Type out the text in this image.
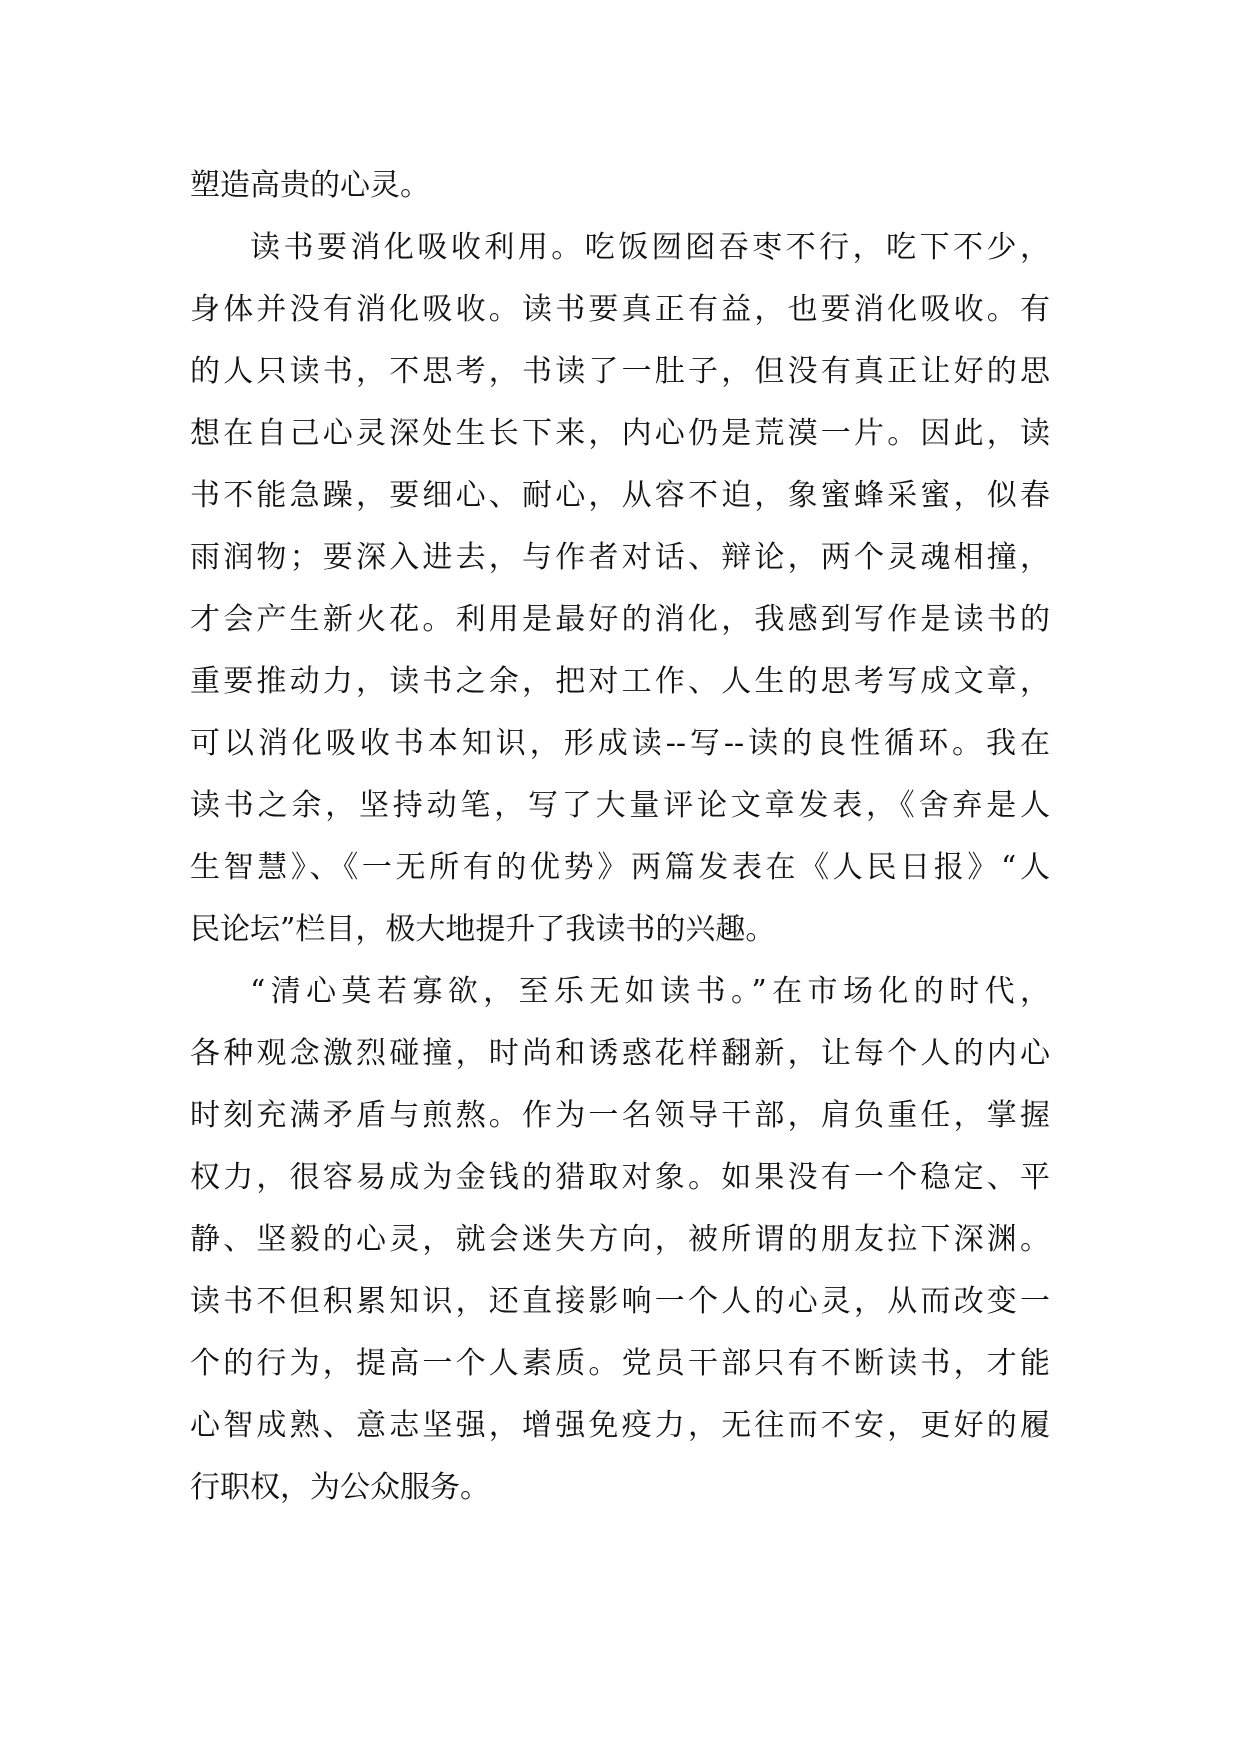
塑造高贵的心灵。
读书要消化吸收利用。吃饭囫囵吞枣不行，吃下不少，
身体并没有消化吸收。读书要真正有益，也要消化吸收。有
的人只读书，不思考，书读了一肚子，但没有真正让好的思
想在自己心灵深处生长下来，内心仍是荒漠一片。因此，读
书不能急躁，要细心、耐心，从容不迫，象蜜蜂采蜜，似春
雨润物；要深入进去，与作者对话、辩论，两个灵魂相撞，
才会产生新火花。利用是最好的消化，我感到写作是读书的
重要推动力，读书之余，把对工作、人生的思考写成文章，
可以消化吸收书本知识，形成读--写--读的良性循环。我在
读书之余，坚持动笔，写了大量评论文章发表，《舍弃是人
生智慧》、《一无所有的优势》两篇发表在《人民日报》“人
民论坛”栏目，极大地提升了我读书的兴趣。
“清心莫若寡欲，至乐无如读书。”在市场化的时代，
各种观念激烈碰撞，时尚和诱惑花样翻新，让每个人的内心
时刻充满矛盾与煎熬。作为一名领导干部，肩负重任，掌握
权力，很容易成为金钱的猎取对象。如果没有一个稳定、平
静、坚毅的心灵，就会迷失方向，被所谓的朋友拉下深渊。
读书不但积累知识，还直接影响一个人的心灵，从而改变一
个的行为，提高一个人素质。党员干部只有不断读书，才能
心智成熟、意志坚强，增强免疫力，无往而不安，更好的履
行职权，为公众服务。
